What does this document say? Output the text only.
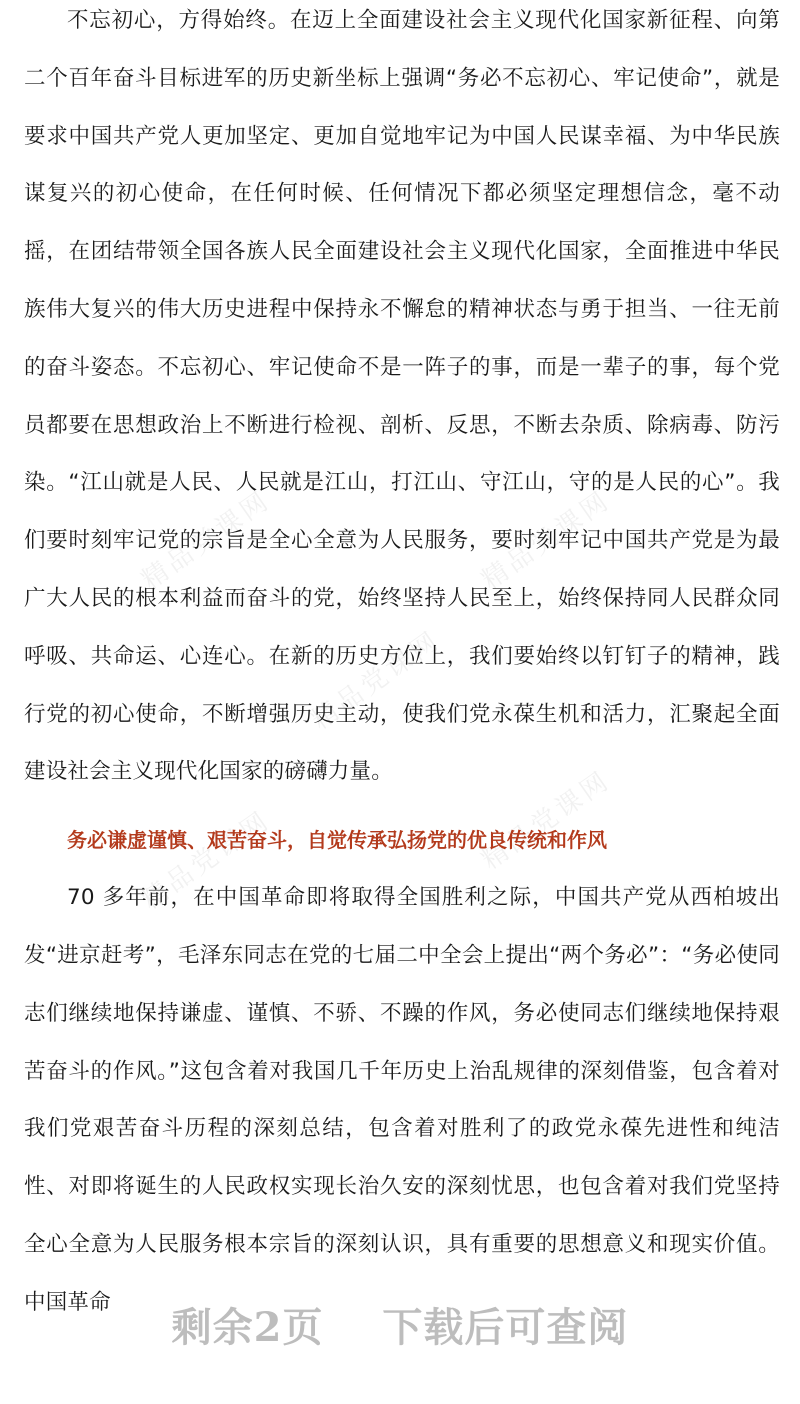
精品党课网	精品党课网
精品党课网
精品党课网	精品党课网

不忘初心，方得始终。在迈上全面建设社会主义现代化国家新征程、向第二个百年奋斗目标进军的历史新坐标上强调“务必不忘初心、牢记使命”，就是要求中国共产党人更加坚定、更加自觉地牢记为中国人民谋幸福、为中华民族谋复兴的初心使命，在任何时候、任何情况下都必须坚定理想信念，毫不动摇，在团结带领全国各族人民全面建设社会主义现代化国家，全面推进中华民族伟大复兴的伟大历史进程中保持永不懈怠的精神状态与勇于担当、一往无前的奋斗姿态。不忘初心、牢记使命不是一阵子的事，而是一辈子的事，每个党员都要在思想政治上不断进行检视、剖析、反思，不断去杂质、除病毒、防污染。“江山就是人民、人民就是江山，打江山、守江山，守的是人民的心”。我们要时刻牢记党的宗旨是全心全意为人民服务，要时刻牢记中国共产党是为最广大人民的根本利益而奋斗的党，始终坚持人民至上，始终保持同人民群众同呼吸、共命运、心连心。在新的历史方位上，我们要始终以钉钉子的精神，践行党的初心使命，不断增强历史主动，使我们党永葆生机和活力，汇聚起全面建设社会主义现代化国家的磅礴力量。

务必谦虚谨慎、艰苦奋斗，自觉传承弘扬党的优良传统和作风

70 多年前，在中国革命即将取得全国胜利之际，中国共产党从西柏坡出发“进京赶考”，毛泽东同志在党的七届二中全会上提出“两个务必”：“务必使同志们继续地保持谦虚、谨慎、不骄、不躁的作风，务必使同志们继续地保持艰苦奋斗的作风。”这包含着对我国几千年历史上治乱规律的深刻借鉴，包含着对我们党艰苦奋斗历程的深刻总结，包含着对胜利了的政党永葆先进性和纯洁性、对即将诞生的人民政权实现长治久安的深刻忧思，也包含着对我们党坚持全心全意为人民服务根本宗旨的深刻认识，具有重要的思想意义和现实价值。中国革命

剩余2页 下载后可查阅
